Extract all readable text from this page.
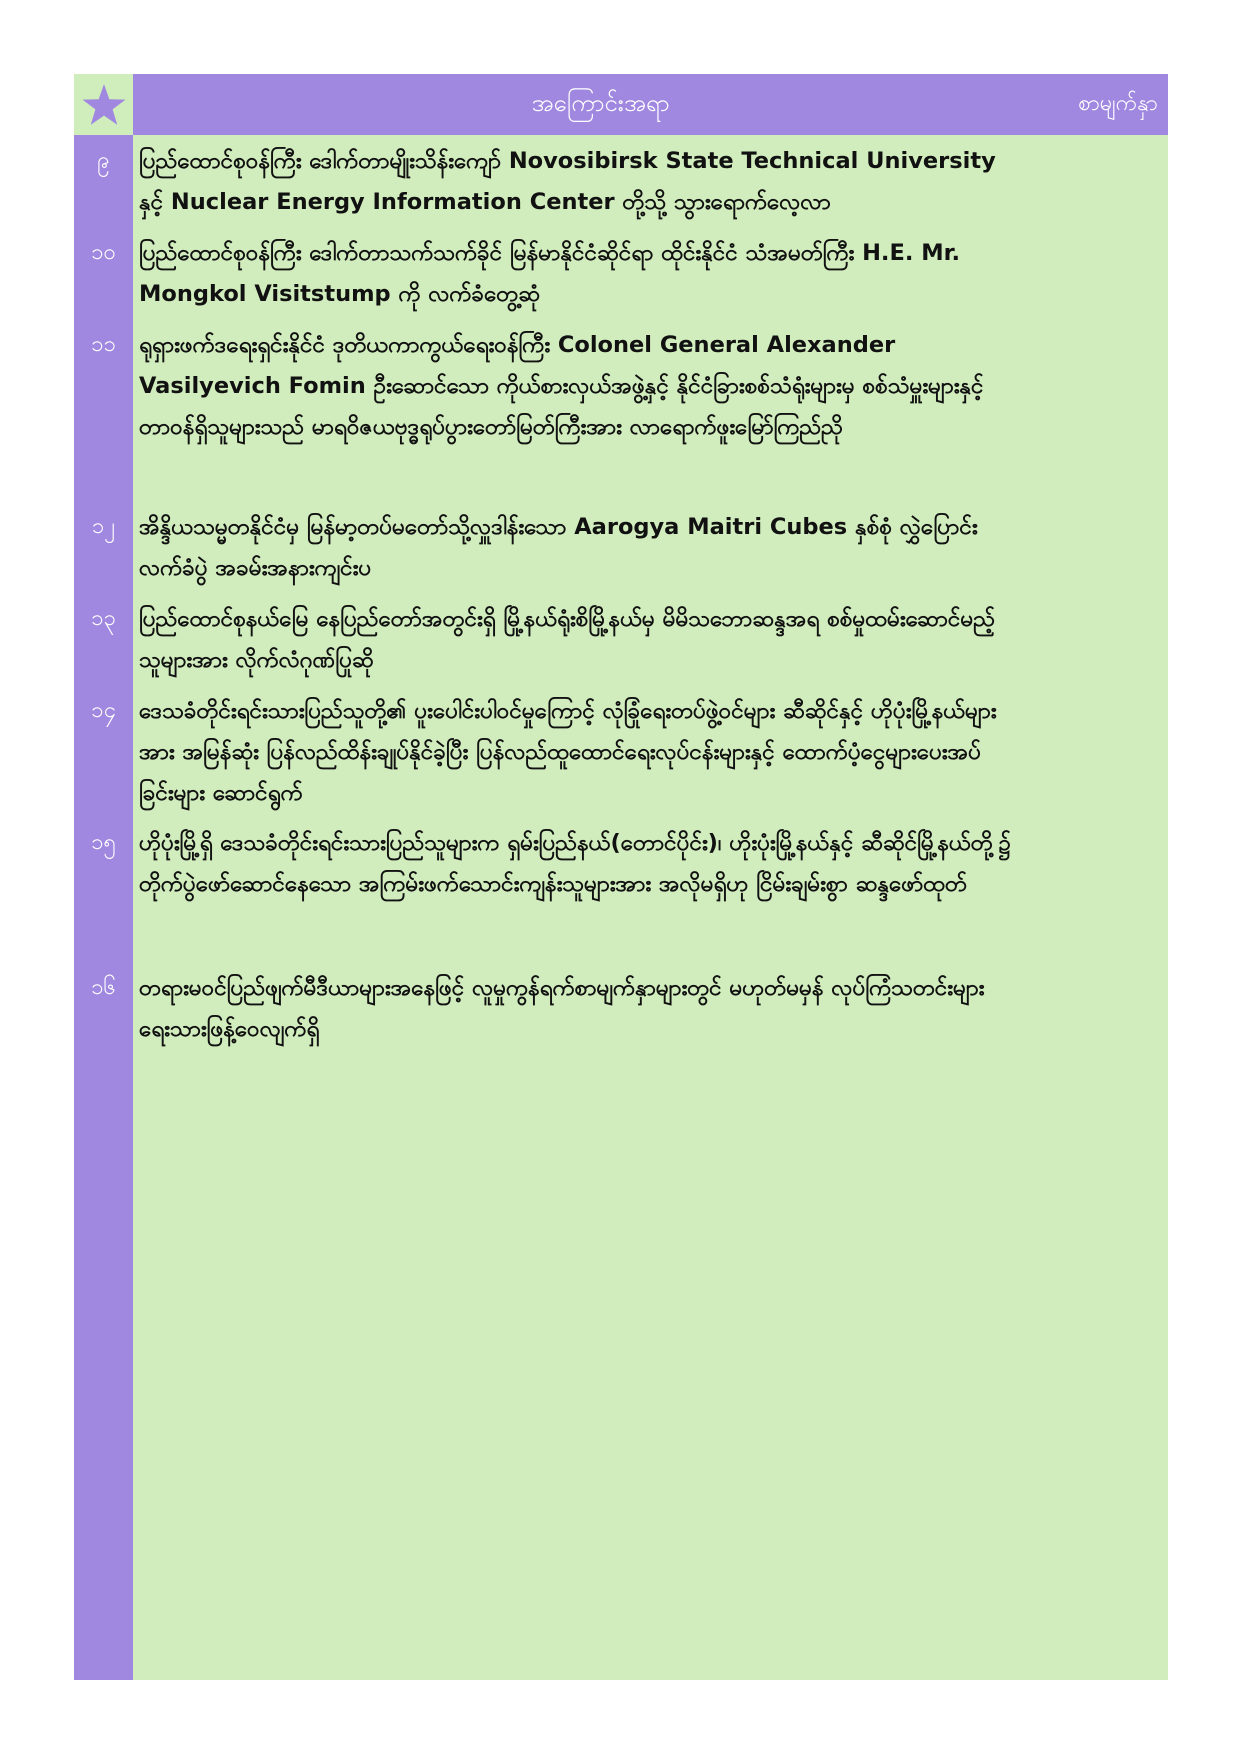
အကြောင်းအရာ	စာမျက်နှာ
၉	ပြည်ထောင်စုဝန်ကြီး ဒေါက်တာမျိုးသိန်းကျော် Novosibirsk State Technical University နှင့် Nuclear Energy Information Center တို့သို့ သွားရောက်လေ့လာ
၁၀	ပြည်ထောင်စုဝန်ကြီး ဒေါက်တာသက်သက်ခိုင် မြန်မာနိုင်ငံဆိုင်ရာ ထိုင်းနိုင်ငံ သံအမတ်ကြီး H.E. Mr. Mongkol Visitstump ကို လက်ခံတွေ့ဆုံ
၁၁	ရုရှားဖက်ဒရေးရှင်းနိုင်ငံ ဒုတိယကာကွယ်ရေးဝန်ကြီး Colonel General Alexander Vasilyevich Fomin ဦးဆောင်သော ကိုယ်စားလှယ်အဖွဲ့နှင့် နိုင်ငံခြားစစ်သံရုံးများမှ စစ်သံမှူးများနှင့် တာဝန်ရှိသူများသည် မာရဝိဇယဗုဒ္ဓရုပ်ပွားတော်မြတ်ကြီးအား လာရောက်ဖူးမြော်ကြည်ညို
၁၂	အိန္ဒိယသမ္မတနိုင်ငံမှ မြန်မာ့တပ်မတော်သို့လှူဒါန်းသော Aarogya Maitri Cubes နှစ်စုံ လွှဲပြောင်းလက်ခံပွဲ အခမ်းအနားကျင်းပ
၁၃	ပြည်ထောင်စုနယ်မြေ နေပြည်တော်အတွင်းရှိ မြို့နယ်ရုံးစိမြို့နယ်မှ မိမိသဘောဆန္ဒအရ စစ်မှုထမ်းဆောင်မည့်သူများအား လိုက်လံဂုဏ်ပြုဆို
၁၄	ဒေသခံတိုင်းရင်းသားပြည်သူတို့၏ ပူးပေါင်းပါဝင်မှုကြောင့် လုံခြုံရေးတပ်ဖွဲ့ဝင်များ ဆီဆိုင်နှင့် ဟိုပုံးမြို့နယ်များအား အမြန်ဆုံး ပြန်လည်ထိန်းချုပ်နိုင်ခဲ့ပြီး ပြန်လည်ထူထောင်ရေးလုပ်ငန်းများနှင့် ထောက်ပံ့ငွေများပေးအပ်ခြင်းများ ဆောင်ရွက်
၁၅	ဟိုပုံးမြို့ရှိ ဒေသခံတိုင်းရင်းသားပြည်သူများက ရှမ်းပြည်နယ်(တောင်ပိုင်း)၊ ဟိုးပုံးမြို့နယ်နှင့် ဆီဆိုင်မြို့နယ်တို့၌ တိုက်ပွဲဖော်ဆောင်နေသော အကြမ်းဖက်သောင်းကျန်းသူများအား အလိုမရှိဟု ငြိမ်းချမ်းစွာ ဆန္ဒဖော်ထုတ်
၁၆	တရားမဝင်ပြည်ဖျက်မီဒီယာများအနေဖြင့် လူမှုကွန်ရက်စာမျက်နှာများတွင် မဟုတ်မမှန် လုပ်ကြံသတင်းများ ရေးသားဖြန့်ဝေလျက်ရှိ
